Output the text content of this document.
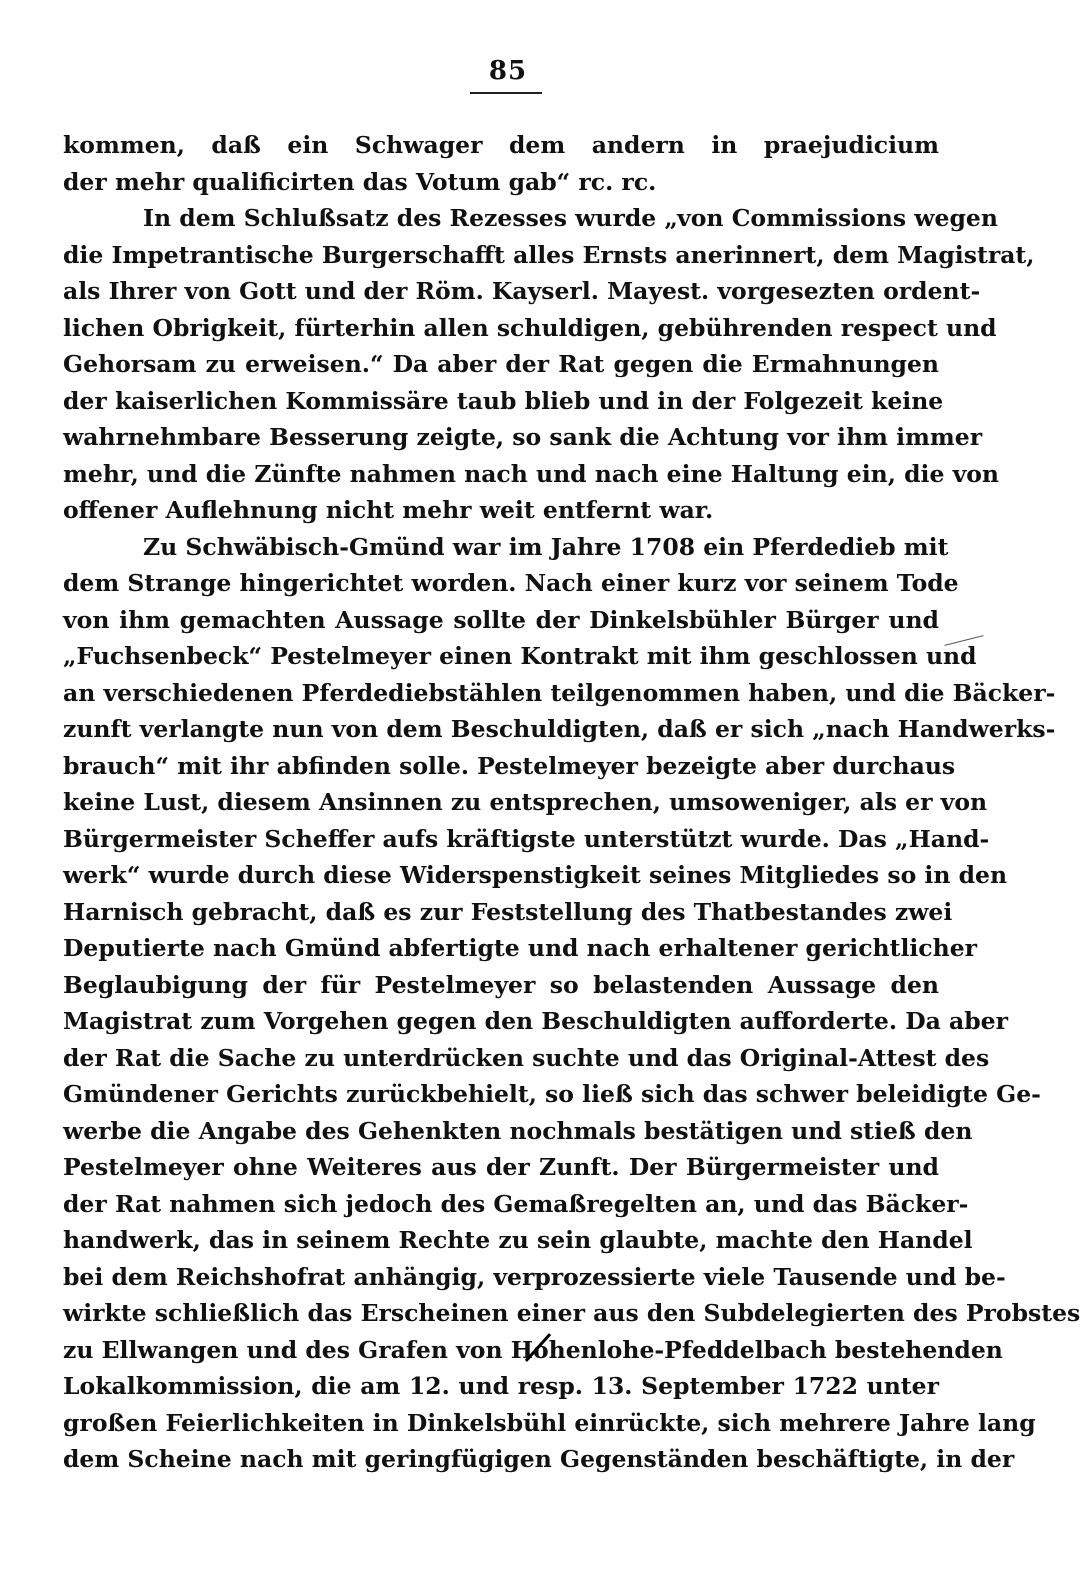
85
kommen, daß ein Schwager dem andern in praejudicium
der mehr qualificirten das Votum gab“ rc. rc.
In dem Schlußsatz des Rezesses wurde „von Commissions wegen
die Impetrantische Burgerschafft alles Ernsts anerinnert, dem Magistrat,
als Ihrer von Gott und der Röm. Kayserl. Mayest. vorgesezten ordent-
lichen Obrigkeit, fürterhin allen schuldigen, gebührenden respect und
Gehorsam zu erweisen.“ Da aber der Rat gegen die Ermahnungen
der kaiserlichen Kommissäre taub blieb und in der Folgezeit keine
wahrnehmbare Besserung zeigte, so sank die Achtung vor ihm immer
mehr, und die Zünfte nahmen nach und nach eine Haltung ein, die von
offener Auflehnung nicht mehr weit entfernt war.
Zu Schwäbisch-Gmünd war im Jahre 1708 ein Pferdedieb mit
dem Strange hingerichtet worden. Nach einer kurz vor seinem Tode
von ihm gemachten Aussage sollte der Dinkelsbühler Bürger und
„Fuchsenbeck“ Pestelmeyer einen Kontrakt mit ihm geschlossen und
an verschiedenen Pferdediebstählen teilgenommen haben, und die Bäcker-
zunft verlangte nun von dem Beschuldigten, daß er sich „nach Handwerks-
brauch“ mit ihr abfinden solle. Pestelmeyer bezeigte aber durchaus
keine Lust, diesem Ansinnen zu entsprechen, umsoweniger, als er von
Bürgermeister Scheffer aufs kräftigste unterstützt wurde. Das „Hand-
werk“ wurde durch diese Widerspenstigkeit seines Mitgliedes so in den
Harnisch gebracht, daß es zur Feststellung des Thatbestandes zwei
Deputierte nach Gmünd abfertigte und nach erhaltener gerichtlicher
Beglaubigung der für Pestelmeyer so belastenden Aussage den
Magistrat zum Vorgehen gegen den Beschuldigten aufforderte. Da aber
der Rat die Sache zu unterdrücken suchte und das Original-Attest des
Gmündener Gerichts zurückbehielt, so ließ sich das schwer beleidigte Ge-
werbe die Angabe des Gehenkten nochmals bestätigen und stieß den
Pestelmeyer ohne Weiteres aus der Zunft. Der Bürgermeister und
der Rat nahmen sich jedoch des Gemaßregelten an, und das Bäcker-
handwerk, das in seinem Rechte zu sein glaubte, machte den Handel
bei dem Reichshofrat anhängig, verprozessierte viele Tausende und be-
wirkte schließlich das Erscheinen einer aus den Subdelegierten des Probstes
zu Ellwangen und des Grafen von Hohenlohe-Pfeddelbach bestehenden
Lokalkommission, die am 12. und resp. 13. September 1722 unter
großen Feierlichkeiten in Dinkelsbühl einrückte, sich mehrere Jahre lang
dem Scheine nach mit geringfügigen Gegenständen beschäftigte, in der
